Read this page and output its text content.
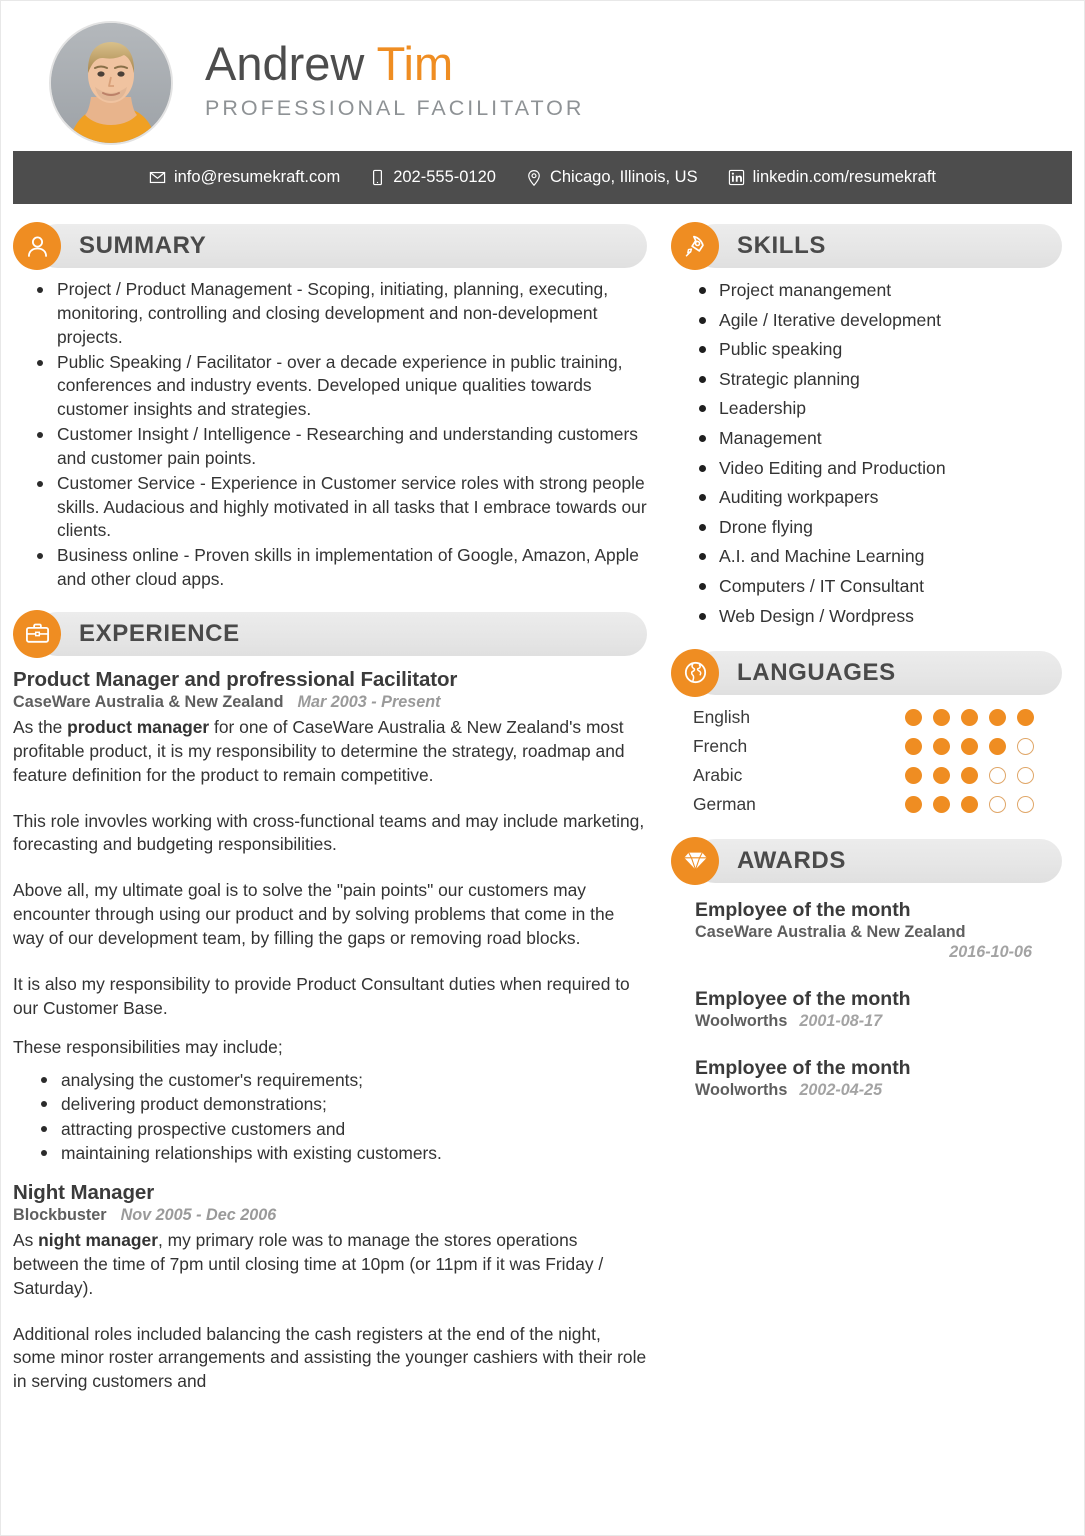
Andrew Tim
PROFESSIONAL FACILITATOR
info@resumekraft.com	202-555-0120	Chicago, Illinois, US	linkedin.com/resumekraft
SUMMARY
Project / Product Management - Scoping, initiating, planning, executing, monitoring, controlling and closing development and non-development projects.
Public Speaking / Facilitator - over a decade experience in public training, conferences and industry events. Developed unique qualities towards customer insights and strategies.
Customer Insight / Intelligence - Researching and understanding customers and customer pain points.
Customer Service - Experience in Customer service roles with strong people skills. Audacious and highly motivated in all tasks that I embrace towards our clients.
Business online - Proven skills in implementation of Google, Amazon, Apple and other cloud apps.
EXPERIENCE
Product Manager and profressional Facilitator
CaseWare Australia & New Zealand Mar 2003 - Present

As the product manager for one of CaseWare Australia & New Zealand's most profitable product, it is my responsibility to determine the strategy, roadmap and feature definition for the product to remain competitive.

This role invovles working with cross-functional teams and may include marketing, forecasting and budgeting responsibilities.

Above all, my ultimate goal is to solve the "pain points" our customers may encounter through using our product and by solving problems that come in the way of our development team, by filling the gaps or removing road blocks.

It is also my responsibility to provide Product Consultant duties when required to our Customer Base.

These responsibilities may include;

analysing the customer's requirements;
delivering product demonstrations;
attracting prospective customers and
maintaining relationships with existing customers.
Night Manager
Blockbuster Nov 2005 - Dec 2006

As night manager, my primary role was to manage the stores operations between the time of 7pm until closing time at 10pm (or 11pm if it was Friday / Saturday).

Additional roles included balancing the cash registers at the end of the night, some minor roster arrangements and assisting the younger cashiers with their role in serving customers and

SKILLS
Project manangement
Agile / Iterative development
Public speaking
Strategic planning
Leadership
Management
Video Editing and Production
Auditing workpapers
Drone flying
A.I. and Machine Learning
Computers / IT Consultant
Web Design / Wordpress
LANGUAGES
English
French
Arabic
German
AWARDS
Employee of the month
CaseWare Australia & New Zealand
2016-10-06
Employee of the month
Woolworths 2001-08-17
Employee of the month
Woolworths 2002-04-25
